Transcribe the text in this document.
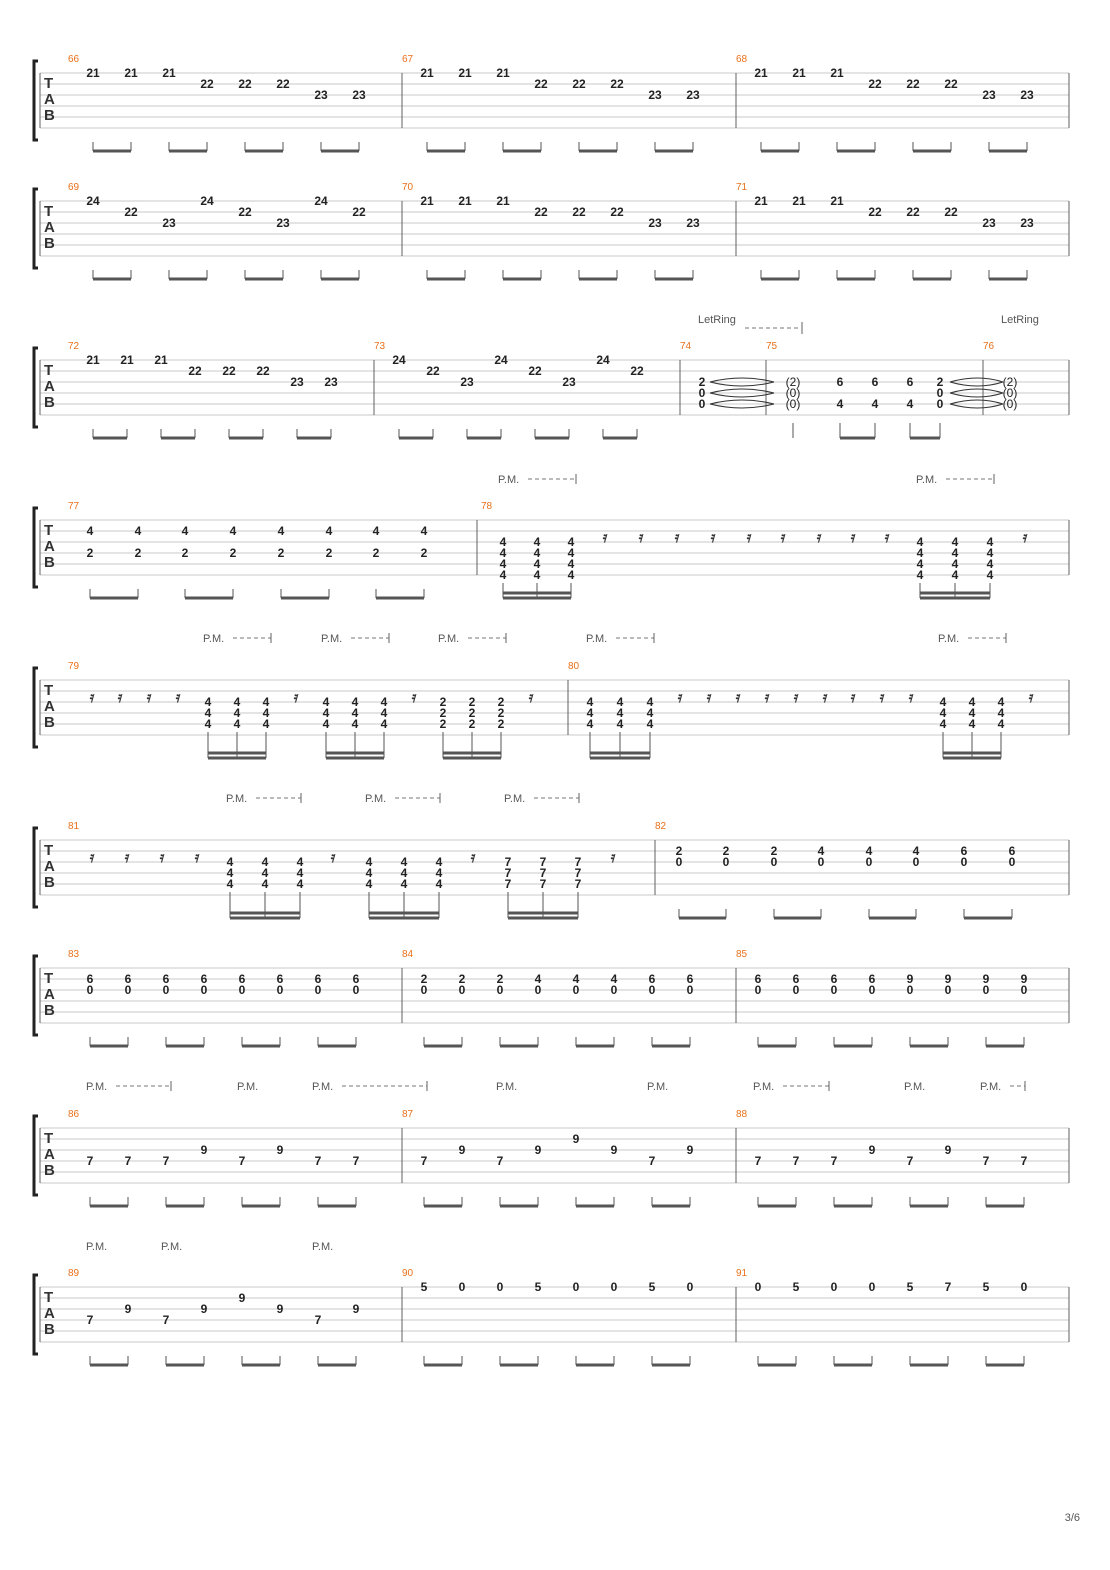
T
A
B
66	67	68
21 21 21
22 22 22
23 23
21 21 21
22 22 22
23 23
21 21 21
22 22 22
23 23
T
A
B
69	70	71
24
22
23
24
22
23
24
22
21 21 21
22 22 22
23 23
21 21 21
22 22 22
23 23
T
A
B
72	73	74	75	76
21 21 21
22 22 22
23 23
24
22
23
24
22
23
24
22
2
0
0
(2)
(0)
(0)
6
4
6
4
6
4
2
0
0
(2)
(0)
(0)
LetRing	LetRing
T
A
B
77	78
4
2
4
2
4
2
4
2
4
2
4
2
4
2
4
2
4
4
4
4
4
4
4
4
4
4
4
4
𝄿 𝄿 𝄿 𝄿 𝄿 𝄿 𝄿 𝄿 𝄿 4
4
4
4
4
4
4
4
4
4
4
4
𝄿
P.M.	P.M.
T
A
B
79	80
𝄿 𝄿 𝄿 𝄿 4
4
4
4
4
4
4
4
4
𝄿 4
4
4
4
4
4
4
4
4
𝄿 2
2
2
2
2
2
2
2
2
𝄿	4
4
4
4
4
4
4
4
4
𝄿 𝄿 𝄿 𝄿 𝄿 𝄿 𝄿 𝄿 𝄿 4
4
4
4
4
4
4
4
4
𝄿
P.M.	P.M.	P.M.	P.M.	P.M.
T
A
B
81	82
𝄿 𝄿 𝄿 𝄿 4
4
4
4
4
4
4
4
4
𝄿	4
4
4
4
4
4
4
4
4
𝄿 7
7
7
7
7
7
7
7
7
𝄿	2
0
2
0
2
0
4
0
4
0
4
0
6
0
6
0
P.M.	P.M.	P.M.
T
A
B
83	84	85
6
0
6
0
6
0
6
0
6
0
6
0
6
0
6
0
2
0
2
0
2
0
4
0
4
0
4
0
6
0
6
0
6
0
6
0
6
0
6
0
9
0
9
0
9
0
9
0
T
A
B
86	87	88
7	7	7
9
7
9
7	7	7
9
7
9
9
9
7
9
7	7	7
9
7
9
7	7
P.M.	P.M.	P.M.	P.M.	P.M.	P.M.	P.M.	P.M.
T
A
B
89	90	91
7
9
7
9
9
9
7
9
5	0	0	5	0	0	5	0	0	5	0	0	5	7	5	0
P.M.	P.M.	P.M.
3/6
